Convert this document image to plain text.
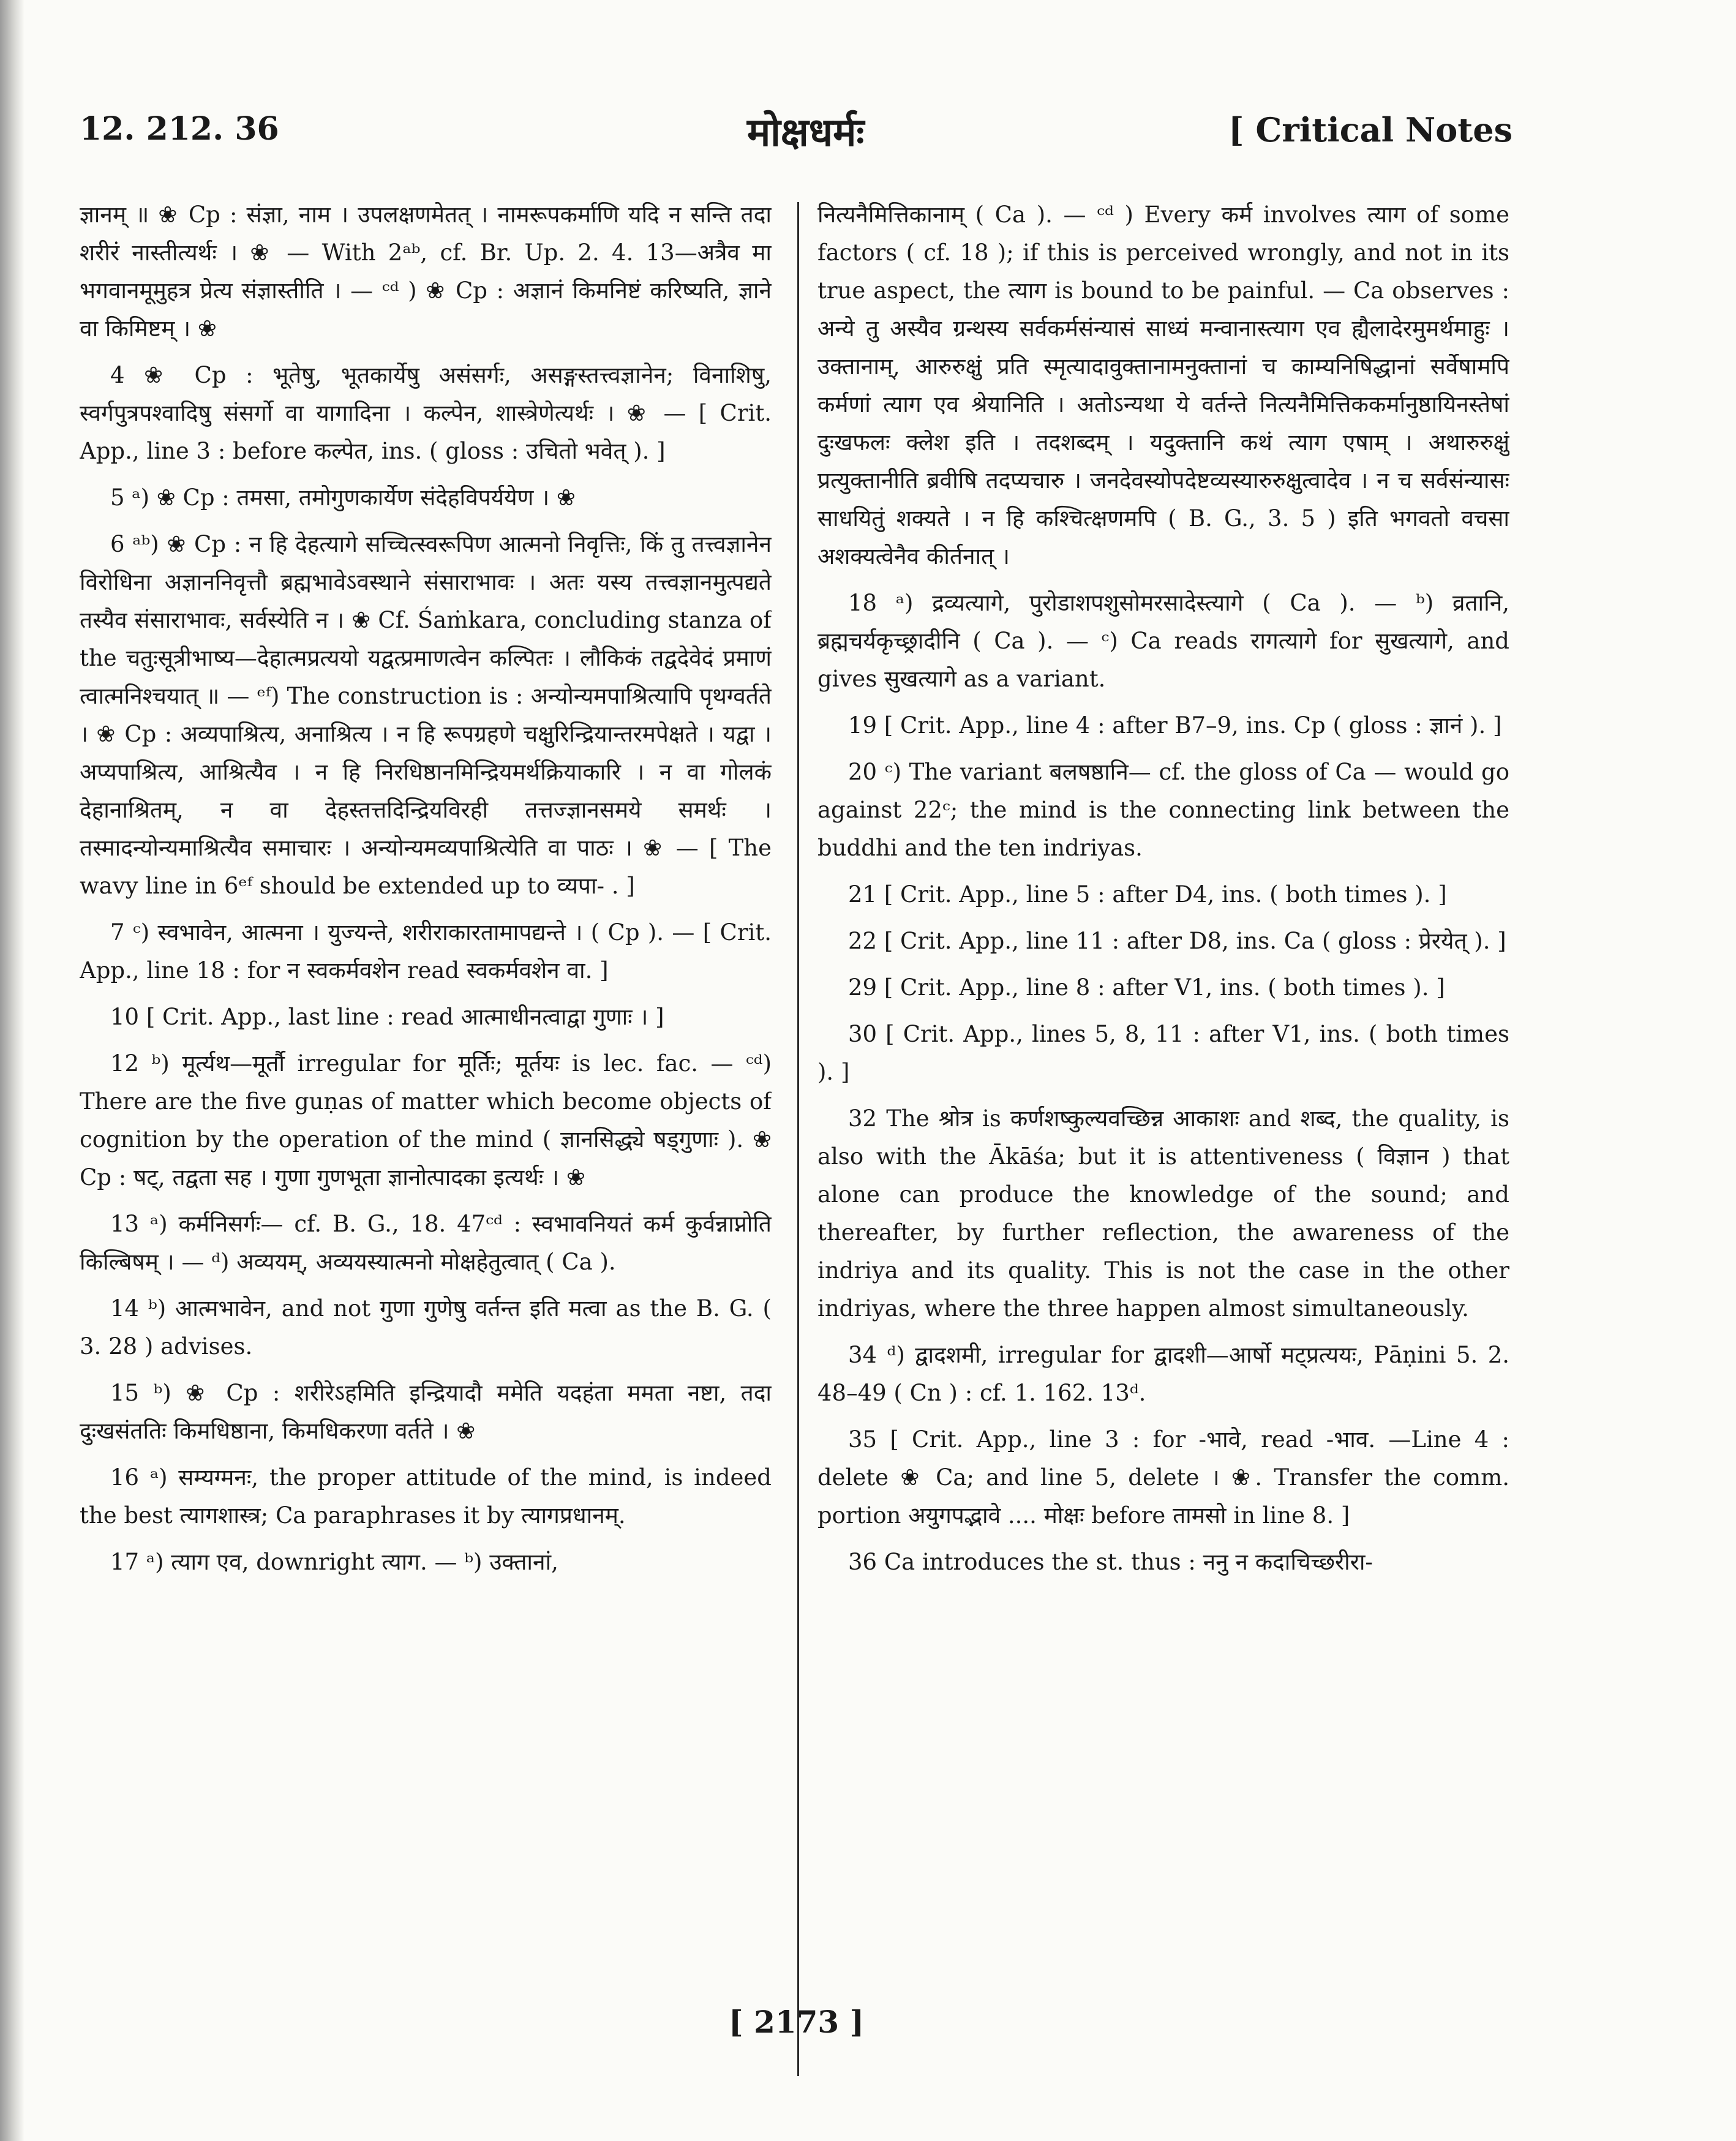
12. 212. 36	मोक्षधर्मः	[ Critical Notes

ज्ञानम् ॥ ❀ Cp : संज्ञा, नाम । उपलक्षणमेतत् । नामरूपकर्माणि यदि न सन्ति तदा शरीरं नास्तीत्यर्थः । ❀ — With 2ᵃᵇ, cf. Br. Up. 2. 4. 13—अत्रैव मा भगवानमूमुहत्र प्रेत्य संज्ञास्तीति । — ᶜᵈ ) ❀ Cp : अज्ञानं किमनिष्टं करिष्यति, ज्ञाने वा किमिष्टम् । ❀

4 ❀ Cp : भूतेषु, भूतकार्येषु असंसर्गः, असङ्गस्तत्त्वज्ञानेन; विनाशिषु, स्वर्गपुत्रपश्वादिषु संसर्गो वा यागादिना । कल्पेन, शास्त्रेणेत्यर्थः । ❀ — [ Crit. App., line 3 : before कल्पेत, ins. ( gloss : उचितो भवेत् ). ]

5 ᵃ) ❀ Cp : तमसा, तमोगुणकार्येण संदेहविपर्ययेण । ❀

6 ᵃᵇ) ❀ Cp : न हि देहत्यागे सच्चित्स्वरूपिण आत्मनो निवृत्तिः, किं तु तत्त्वज्ञानेन विरोधिना अज्ञाननिवृत्तौ ब्रह्मभावेऽवस्थाने संसाराभावः । अतः यस्य तत्त्वज्ञानमुत्पद्यते तस्यैव संसाराभावः, सर्वस्येति न । ❀ Cf. Śaṁkara, concluding stanza of the चतुःसूत्रीभाष्य—देहात्मप्रत्ययो यद्वत्प्रमाणत्वेन कल्पितः । लौकिकं तद्वदेवेदं प्रमाणं त्वात्मनिश्चयात् ॥ — ᵉᶠ) The construction is : अन्योन्यमपाश्रित्यापि पृथग्वर्तते । ❀ Cp : अव्यपाश्रित्य, अनाश्रित्य । न हि रूपग्रहणे चक्षुरिन्द्रियान्तरमपेक्षते । यद्वा । अप्यपाश्रित्य, आश्रित्यैव । न हि निरधिष्ठानमिन्द्रियमर्थक्रियाकारि । न वा गोलकं देहानाश्रितम्, न वा देहस्तत्तदिन्द्रियविरही तत्तज्ज्ञानसमये समर्थः । तस्मादन्योन्यमाश्रित्यैव समाचारः । अन्योन्यमव्यपाश्रित्येति वा पाठः । ❀ — [ The wavy line in 6ᵉᶠ should be extended up to व्यपा- . ]

7 ᶜ) स्वभावेन, आत्मना । युज्यन्ते, शरीराकारतामापद्यन्ते । ( Cp ). — [ Crit. App., line 18 : for न स्वकर्मवशेन read स्वकर्मवशेन वा. ]

10 [ Crit. App., last line : read आत्माधीनत्वाद्वा गुणाः । ]

12 ᵇ) मूर्त्यथ—मूर्तौ irregular for मूर्तिः; मूर्तयः is lec. fac. — ᶜᵈ) There are the five guṇas of matter which become objects of cognition by the operation of the mind ( ज्ञानसिद्ध्ये षड्गुणाः ). ❀ Cp : षट्, तद्वता सह । गुणा गुणभूता ज्ञानोत्पादका इत्यर्थः । ❀

13 ᵃ) कर्मनिसर्गः— cf. B. G., 18. 47ᶜᵈ : स्वभावनियतं कर्म कुर्वन्नाप्नोति किल्बिषम् । — ᵈ) अव्ययम्, अव्ययस्यात्मनो मोक्षहेतुत्वात् ( Ca ).

14 ᵇ) आत्मभावेन, and not गुणा गुणेषु वर्तन्त इति मत्वा as the B. G. ( 3. 28 ) advises.

15 ᵇ) ❀ Cp : शरीरेऽहमिति इन्द्रियादौ ममेति यदहंता ममता नष्टा, तदा दुःखसंततिः किमधिष्ठाना, किमधिकरणा वर्तते । ❀

16 ᵃ) सम्यग्मनः, the proper attitude of the mind, is indeed the best त्यागशास्त्र; Ca paraphrases it by त्यागप्रधानम्.

17 ᵃ) त्याग एव, downright त्याग. — ᵇ) उक्तानां,

नित्यनैमित्तिकानाम् ( Ca ). — ᶜᵈ ) Every कर्म involves त्याग of some factors ( cf. 18 ); if this is perceived wrongly, and not in its true aspect, the त्याग is bound to be painful. — Ca observes : अन्ये तु अस्यैव ग्रन्थस्य सर्वकर्मसंन्यासं साध्यं मन्वानास्त्याग एव ह्यैलादेरमुमर्थमाहुः । उक्तानाम्, आरुरुक्षुं प्रति स्मृत्यादावुक्तानामनुक्तानां च काम्यनिषिद्धानां सर्वेषामपि कर्मणां त्याग एव श्रेयानिति । अतोऽन्यथा ये वर्तन्ते नित्यनैमित्तिककर्मानुष्ठायिनस्तेषां दुःखफलः क्लेश इति । तदशब्दम् । यदुक्तानि कथं त्याग एषाम् । अथारुरुक्षुं प्रत्युक्तानीति ब्रवीषि तदप्यचारु । जनदेवस्योपदेष्टव्यस्यारुरुक्षुत्वादेव । न च सर्वसंन्यासः साधयितुं शक्यते । न हि कश्चित्क्षणमपि ( B. G., 3. 5 ) इति भगवतो वचसा अशक्यत्वेनैव कीर्तनात् ।

18 ᵃ) द्रव्यत्यागे, पुरोडाशपशुसोमरसादेस्त्यागे ( Ca ). — ᵇ) व्रतानि, ब्रह्मचर्यकृच्छ्रादीनि ( Ca ). — ᶜ) Ca reads रागत्यागे for सुखत्यागे, and gives सुखत्यागे as a variant.

19 [ Crit. App., line 4 : after B7–9, ins. Cp ( gloss : ज्ञानं ). ]

20 ᶜ) The variant बलषष्ठानि— cf. the gloss of Ca — would go against 22ᶜ; the mind is the connecting link between the buddhi and the ten indriyas.

21 [ Crit. App., line 5 : after D4, ins. ( both times ). ]

22 [ Crit. App., line 11 : after D8, ins. Ca ( gloss : प्रेरयेत् ). ]

29 [ Crit. App., line 8 : after V1, ins. ( both times ). ]

30 [ Crit. App., lines 5, 8, 11 : after V1, ins. ( both times ). ]

32 The श्रोत्र is कर्णशष्कुल्यवच्छिन्न आकाशः and शब्द, the quality, is also with the Ākāśa; but it is attentiveness ( विज्ञान ) that alone can produce the knowledge of the sound; and thereafter, by further reflection, the awareness of the indriya and its quality. This is not the case in the other indriyas, where the three happen almost simultaneously.

34 ᵈ) द्वादशमी, irregular for द्वादशी—आर्षो मट्प्रत्ययः, Pāṇini 5. 2. 48–49 ( Cn ) : cf. 1. 162. 13ᵈ.

35 [ Crit. App., line 3 : for -भावे, read -भाव. —Line 4 : delete ❀ Ca; and line 5, delete । ❀. Transfer the comm. portion अयुगपद्भावे .... मोक्षः before तामसो in line 8. ]

36 Ca introduces the st. thus : ननु न कदाचिच्छरीरा-

[ 2173 ]
